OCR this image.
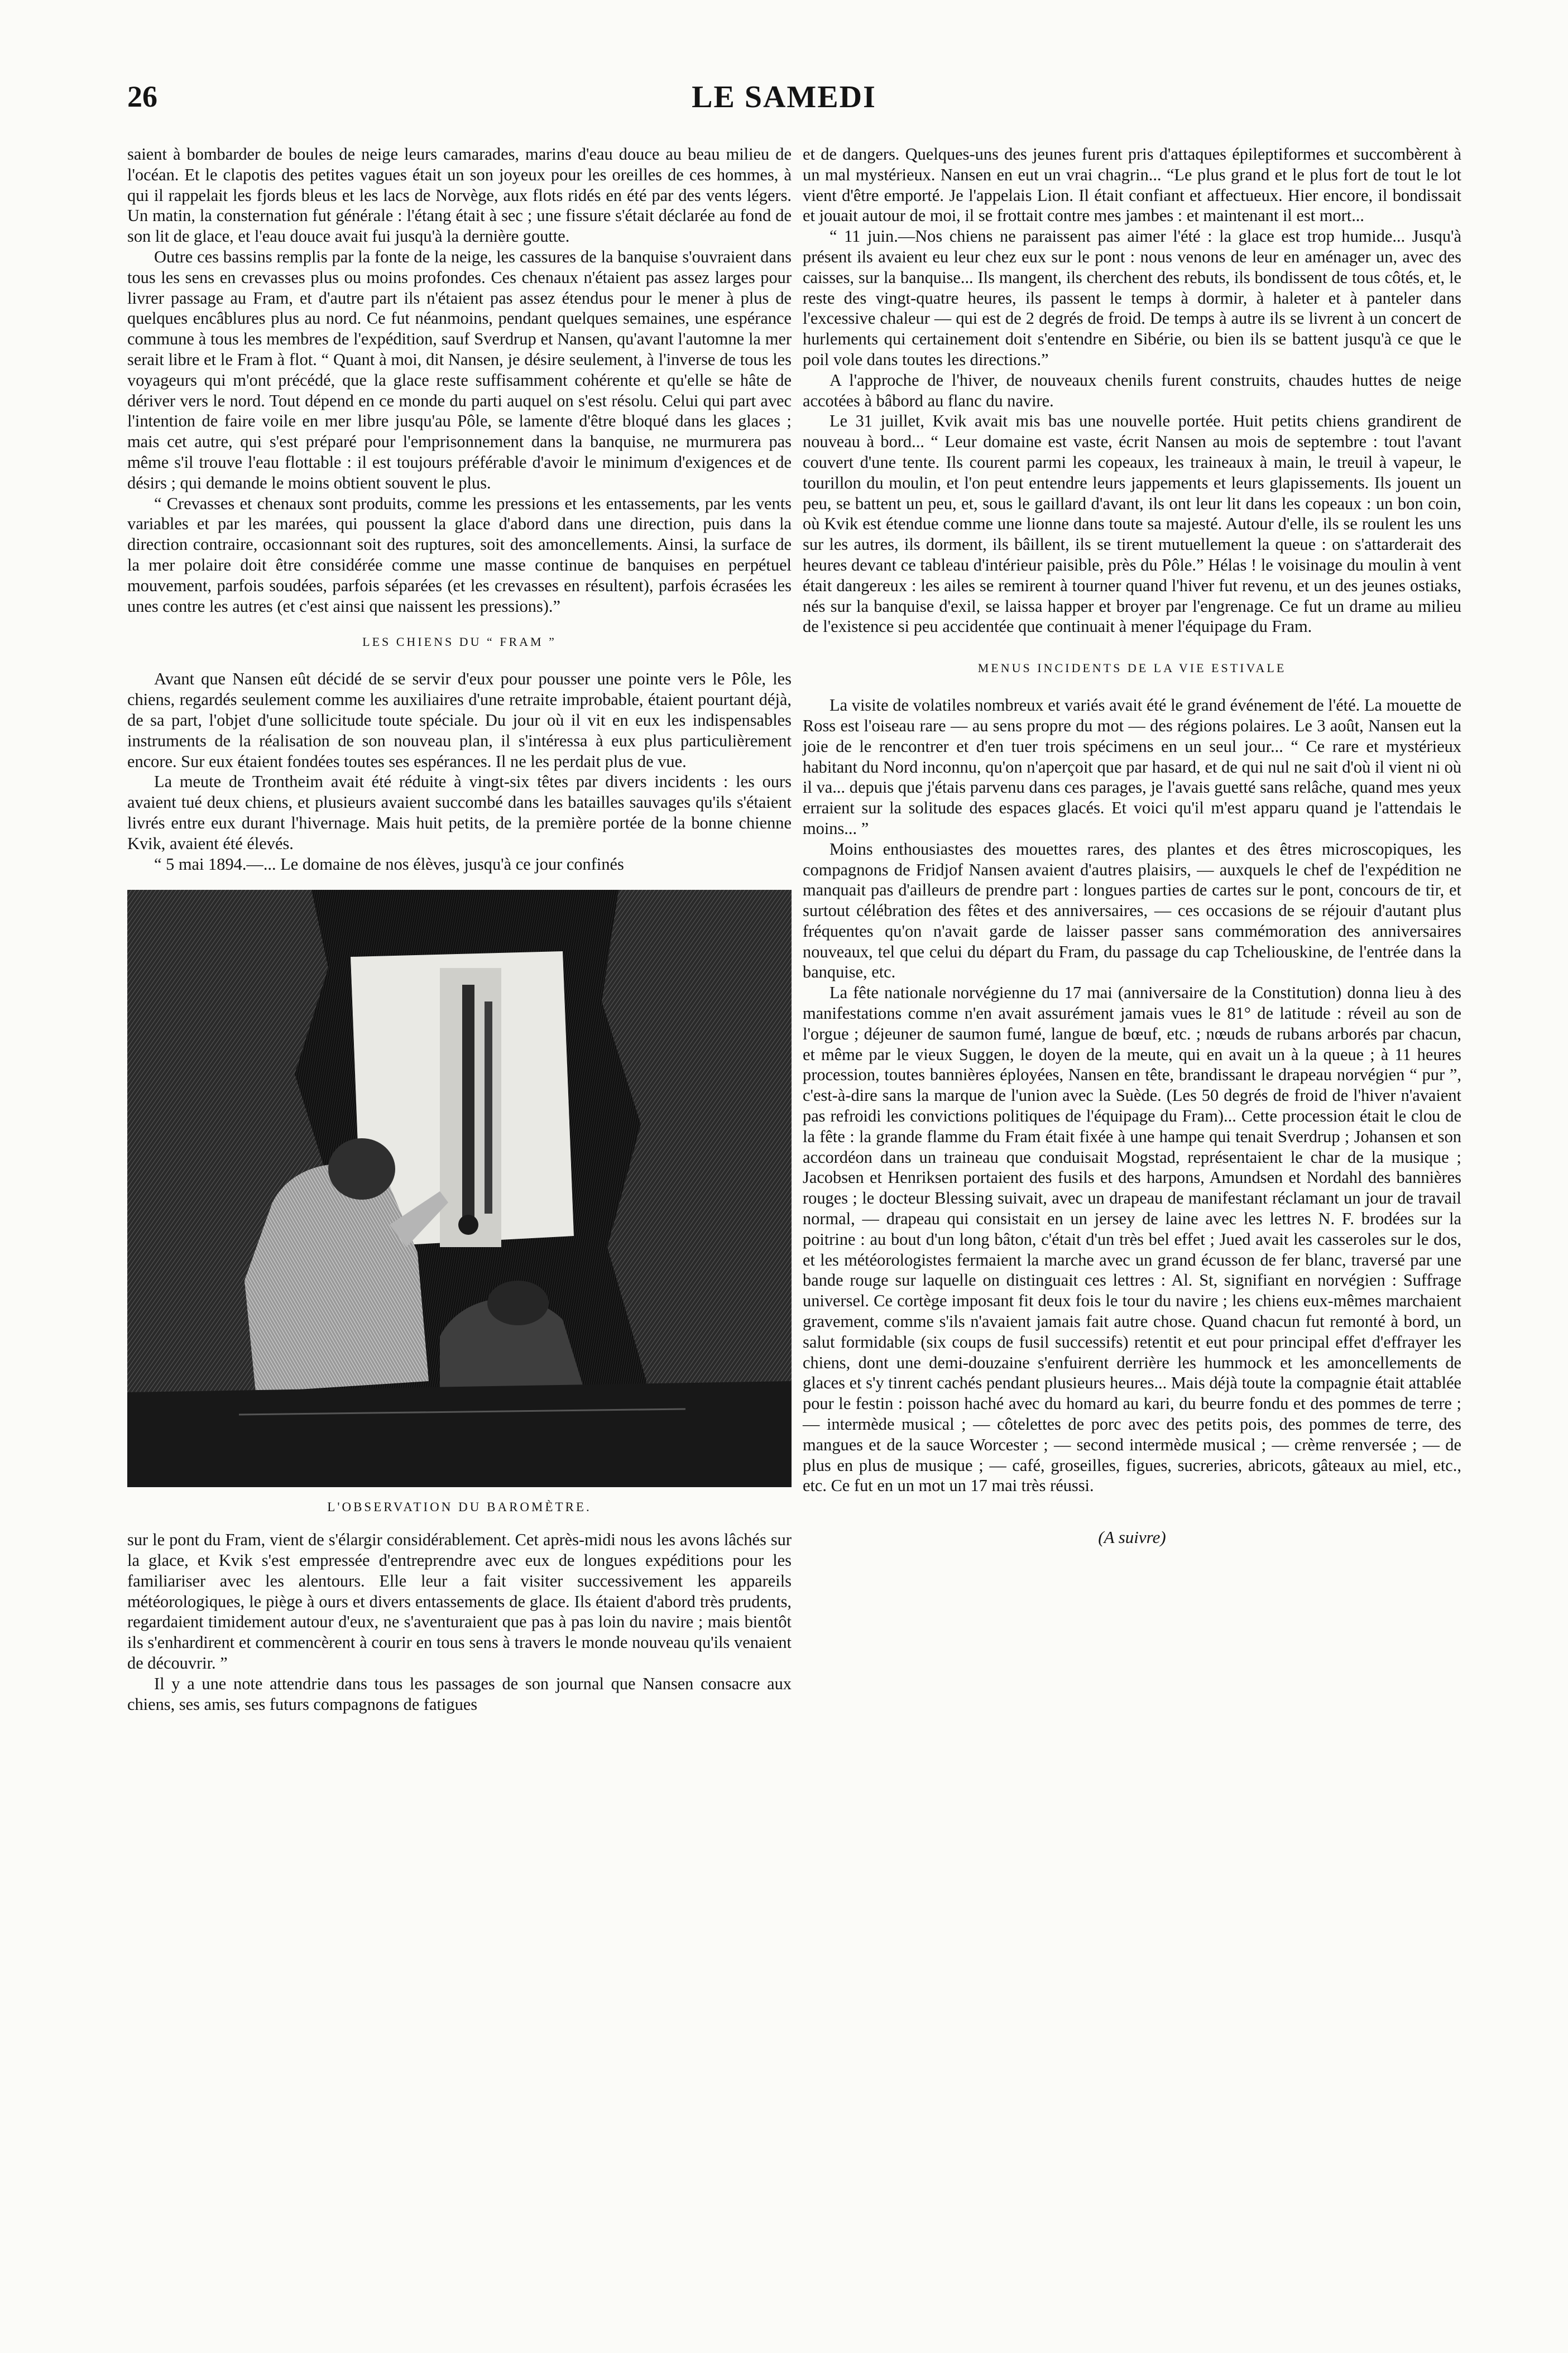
26	LE SAMEDI

saient à bombarder de boules de neige leurs camarades, marins d'eau douce au beau milieu de l'océan. Et le clapotis des petites vagues était un son joyeux pour les oreilles de ces hommes, à qui il rappelait les fjords bleus et les lacs de Norvège, aux flots ridés en été par des vents légers. Un matin, la consternation fut générale : l'étang était à sec ; une fissure s'était déclarée au fond de son lit de glace, et l'eau douce avait fui jusqu'à la dernière goutte.

Outre ces bassins remplis par la fonte de la neige, les cassures de la banquise s'ouvraient dans tous les sens en crevasses plus ou moins profondes. Ces chenaux n'étaient pas assez larges pour livrer passage au Fram, et d'autre part ils n'étaient pas assez étendus pour le mener à plus de quelques encâblures plus au nord. Ce fut néanmoins, pendant quelques semaines, une espérance commune à tous les membres de l'expédition, sauf Sverdrup et Nansen, qu'avant l'automne la mer serait libre et le Fram à flot. “ Quant à moi, dit Nansen, je désire seulement, à l'inverse de tous les voyageurs qui m'ont précédé, que la glace reste suffisamment cohérente et qu'elle se hâte de dériver vers le nord. Tout dépend en ce monde du parti auquel on s'est résolu. Celui qui part avec l'intention de faire voile en mer libre jusqu'au Pôle, se lamente d'être bloqué dans les glaces ; mais cet autre, qui s'est préparé pour l'emprisonnement dans la banquise, ne murmurera pas même s'il trouve l'eau flottable : il est toujours préférable d'avoir le minimum d'exigences et de désirs ; qui demande le moins obtient souvent le plus.

“ Crevasses et chenaux sont produits, comme les pressions et les entassements, par les vents variables et par les marées, qui poussent la glace d'abord dans une direction, puis dans la direction contraire, occasionnant soit des ruptures, soit des amoncellements. Ainsi, la surface de la mer polaire doit être considérée comme une masse continue de banquises en perpétuel mouvement, parfois soudées, parfois séparées (et les crevasses en résultent), parfois écrasées les unes contre les autres (et c'est ainsi que naissent les pressions).”

LES CHIENS DU “ FRAM ”

Avant que Nansen eût décidé de se servir d'eux pour pousser une pointe vers le Pôle, les chiens, regardés seulement comme les auxiliaires d'une retraite improbable, étaient pourtant déjà, de sa part, l'objet d'une sollicitude toute spéciale. Du jour où il vit en eux les indispensables instruments de la réalisation de son nouveau plan, il s'intéressa à eux plus particulièrement encore. Sur eux étaient fondées toutes ses espérances. Il ne les perdait plus de vue.

La meute de Trontheim avait été réduite à vingt-six têtes par divers incidents : les ours avaient tué deux chiens, et plusieurs avaient succombé dans les batailles sauvages qu'ils s'étaient livrés entre eux durant l'hivernage. Mais huit petits, de la première portée de la bonne chienne Kvik, avaient été élevés.

“ 5 mai 1894.—... Le domaine de nos élèves, jusqu'à ce jour confinés

L'OBSERVATION DU BAROMÈTRE.

sur le pont du Fram, vient de s'élargir considérablement. Cet après-midi nous les avons lâchés sur la glace, et Kvik s'est empressée d'entreprendre avec eux de longues expéditions pour les familiariser avec les alentours. Elle leur a fait visiter successivement les appareils météorologiques, le piège à ours et divers entassements de glace. Ils étaient d'abord très prudents, regardaient timidement autour d'eux, ne s'aventuraient que pas à pas loin du navire ; mais bientôt ils s'enhardirent et commencèrent à courir en tous sens à travers le monde nouveau qu'ils venaient de découvrir. ”

Il y a une note attendrie dans tous les passages de son journal que Nansen consacre aux chiens, ses amis, ses futurs compagnons de fatigues

et de dangers. Quelques-uns des jeunes furent pris d'attaques épileptiformes et succombèrent à un mal mystérieux. Nansen en eut un vrai chagrin... “Le plus grand et le plus fort de tout le lot vient d'être emporté. Je l'appelais Lion. Il était confiant et affectueux. Hier encore, il bondissait et jouait autour de moi, il se frottait contre mes jambes : et maintenant il est mort...

“ 11 juin.—Nos chiens ne paraissent pas aimer l'été : la glace est trop humide... Jusqu'à présent ils avaient eu leur chez eux sur le pont : nous venons de leur en aménager un, avec des caisses, sur la banquise... Ils mangent, ils cherchent des rebuts, ils bondissent de tous côtés, et, le reste des vingt-quatre heures, ils passent le temps à dormir, à haleter et à panteler dans l'excessive chaleur — qui est de 2 degrés de froid. De temps à autre ils se livrent à un concert de hurlements qui certainement doit s'entendre en Sibérie, ou bien ils se battent jusqu'à ce que le poil vole dans toutes les directions.”

A l'approche de l'hiver, de nouveaux chenils furent construits, chaudes huttes de neige accotées à bâbord au flanc du navire.

Le 31 juillet, Kvik avait mis bas une nouvelle portée. Huit petits chiens grandirent de nouveau à bord... “ Leur domaine est vaste, écrit Nansen au mois de septembre : tout l'avant couvert d'une tente. Ils courent parmi les copeaux, les traineaux à main, le treuil à vapeur, le tourillon du moulin, et l'on peut entendre leurs jappements et leurs glapissements. Ils jouent un peu, se battent un peu, et, sous le gaillard d'avant, ils ont leur lit dans les copeaux : un bon coin, où Kvik est étendue comme une lionne dans toute sa majesté. Autour d'elle, ils se roulent les uns sur les autres, ils dorment, ils bâillent, ils se tirent mutuellement la queue : on s'attarderait des heures devant ce tableau d'intérieur paisible, près du Pôle.” Hélas ! le voisinage du moulin à vent était dangereux : les ailes se remirent à tourner quand l'hiver fut revenu, et un des jeunes ostiaks, nés sur la banquise d'exil, se laissa happer et broyer par l'engrenage. Ce fut un drame au milieu de l'existence si peu accidentée que continuait à mener l'équipage du Fram.

MENUS INCIDENTS DE LA VIE ESTIVALE

La visite de volatiles nombreux et variés avait été le grand événement de l'été. La mouette de Ross est l'oiseau rare — au sens propre du mot — des régions polaires. Le 3 août, Nansen eut la joie de le rencontrer et d'en tuer trois spécimens en un seul jour... “ Ce rare et mystérieux habitant du Nord inconnu, qu'on n'aperçoit que par hasard, et de qui nul ne sait d'où il vient ni où il va... depuis que j'étais parvenu dans ces parages, je l'avais guetté sans relâche, quand mes yeux erraient sur la solitude des espaces glacés. Et voici qu'il m'est apparu quand je l'attendais le moins... ”

Moins enthousiastes des mouettes rares, des plantes et des êtres microscopiques, les compagnons de Fridjof Nansen avaient d'autres plaisirs, — auxquels le chef de l'expédition ne manquait pas d'ailleurs de prendre part : longues parties de cartes sur le pont, concours de tir, et surtout célébration des fêtes et des anniversaires, — ces occasions de se réjouir d'autant plus fréquentes qu'on n'avait garde de laisser passer sans commémoration des anniversaires nouveaux, tel que celui du départ du Fram, du passage du cap Tcheliouskine, de l'entrée dans la banquise, etc.

La fête nationale norvégienne du 17 mai (anniversaire de la Constitution) donna lieu à des manifestations comme n'en avait assurément jamais vues le 81° de latitude : réveil au son de l'orgue ; déjeuner de saumon fumé, langue de bœuf, etc. ; nœuds de rubans arborés par chacun, et même par le vieux Suggen, le doyen de la meute, qui en avait un à la queue ; à 11 heures procession, toutes bannières éployées, Nansen en tête, brandissant le drapeau norvégien “ pur ”, c'est-à-dire sans la marque de l'union avec la Suède. (Les 50 degrés de froid de l'hiver n'avaient pas refroidi les convictions politiques de l'équipage du Fram)... Cette procession était le clou de la fête : la grande flamme du Fram était fixée à une hampe qui tenait Sverdrup ; Johansen et son accordéon dans un traineau que conduisait Mogstad, représentaient le char de la musique ; Jacobsen et Henriksen portaient des fusils et des harpons, Amundsen et Nordahl des bannières rouges ; le docteur Blessing suivait, avec un drapeau de manifestant réclamant un jour de travail normal, — drapeau qui consistait en un jersey de laine avec les lettres N. F. brodées sur la poitrine : au bout d'un long bâton, c'était d'un très bel effet ; Jued avait les casseroles sur le dos, et les météorologistes fermaient la marche avec un grand écusson de fer blanc, traversé par une bande rouge sur laquelle on distinguait ces lettres : Al. St, signifiant en norvégien : Suffrage universel. Ce cortège imposant fit deux fois le tour du navire ; les chiens eux-mêmes marchaient gravement, comme s'ils n'avaient jamais fait autre chose. Quand chacun fut remonté à bord, un salut formidable (six coups de fusil successifs) retentit et eut pour principal effet d'effrayer les chiens, dont une demi-douzaine s'enfuirent derrière les hummock et les amoncellements de glaces et s'y tinrent cachés pendant plusieurs heures... Mais déjà toute la compagnie était attablée pour le festin : poisson haché avec du homard au kari, du beurre fondu et des pommes de terre ; — intermède musical ; — côtelettes de porc avec des petits pois, des pommes de terre, des mangues et de la sauce Worcester ; — second intermède musical ; — crème renversée ; — de plus en plus de musique ; — café, groseilles, figues, sucreries, abricots, gâteaux au miel, etc., etc. Ce fut en un mot un 17 mai très réussi.

(A suivre)
